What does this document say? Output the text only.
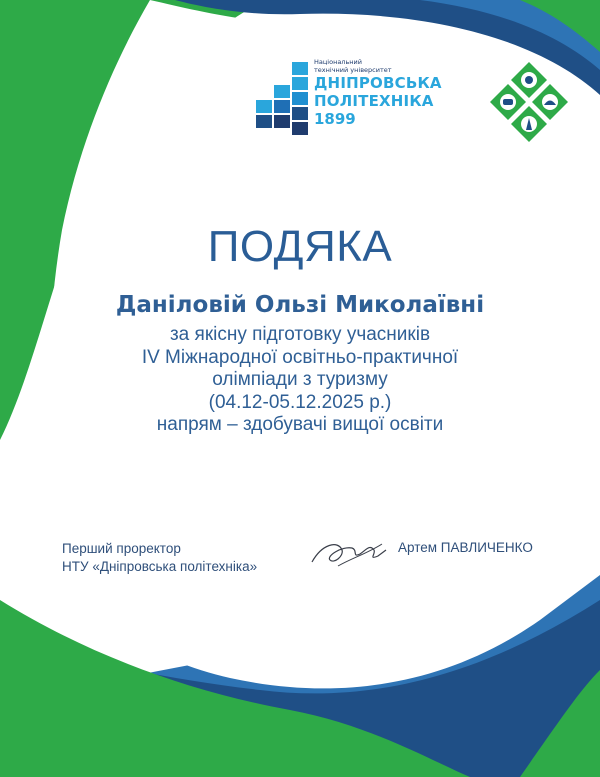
Національний
технічний університет
ДНІПРОВСЬКА
ПОЛІТЕХНІКА
1899
ПОДЯКА
Даніловій Ользі Миколаївні
за якісну підготовку учасників
IV Міжнародної освітньо-практичної
олімпіади з туризму
(04.12-05.12.2025 р.)
напрям – здобувачі вищої освіти
Перший проректор
НТУ «Дніпровська політехніка»
Артем ПАВЛИЧЕНКО
